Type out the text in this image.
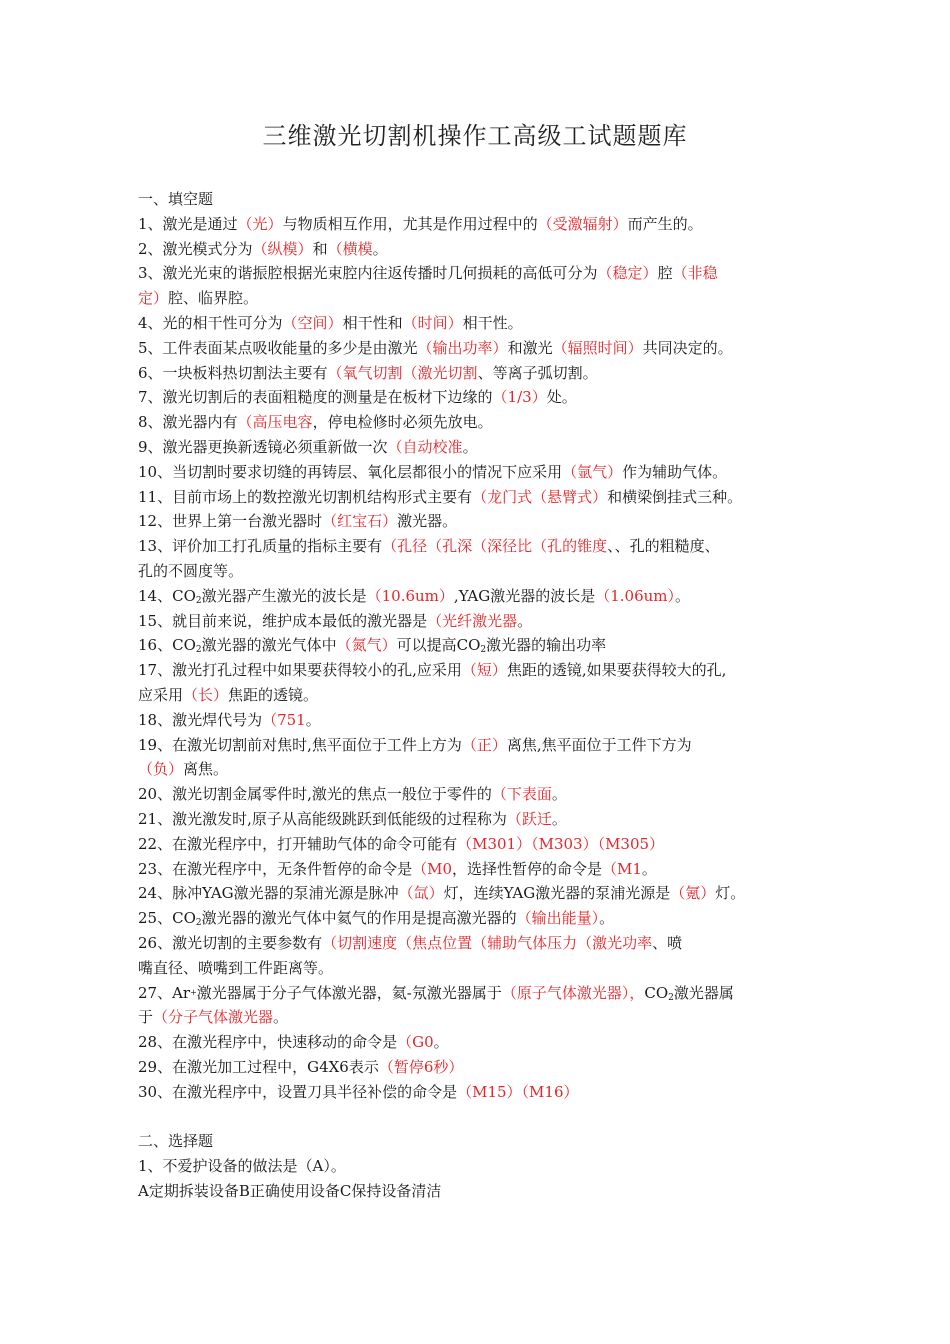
三维激光切割机操作工高级工试题题库
一、填空题
1、激光是通过（光）与物质相互作用，尤其是作用过程中的（受激辐射）而产生的。
2、激光模式分为（纵模）和（横模。
3、激光光束的谐振腔根据光束腔内往返传播时几何损耗的高低可分为（稳定）腔（非稳
定）腔、临界腔。
4、光的相干性可分为（空间）相干性和（时间）相干性。
5、工件表面某点吸收能量的多少是由激光（输出功率）和激光（辐照时间）共同决定的。
6、一块板料热切割法主要有（氧气切割（激光切割、等离子弧切割。
7、激光切割后的表面粗糙度的测量是在板材下边缘的（1/3）处。
8、激光器内有（高压电容，停电检修时必须先放电。
9、激光器更换新透镜必须重新做一次（自动校准。
10、当切割时要求切缝的再铸层、氧化层都很小的情况下应采用（氩气）作为辅助气体。
11、目前市场上的数控激光切割机结构形式主要有（龙门式（悬臂式）和横梁倒挂式三种。
12、世界上第一台激光器时（红宝石）激光器。
13、评价加工打孔质量的指标主要有（孔径（孔深（深径比（孔的锥度、、孔的粗糙度、
孔的不圆度等。
14、$CO_2$激光器产生激光的波长是（10.6um）,YAG激光器的波长是（1.06um）。
15、就目前来说，维护成本最低的激光器是（光纤激光器。
16、$CO_2$激光器的激光气体中（氮气）可以提高$CO_2$激光器的输出功率
17、激光打孔过程中如果要获得较小的孔,应采用（短）焦距的透镜,如果要获得较大的孔,
应采用（长）焦距的透镜。
18、激光焊代号为（751。
19、在激光切割前对焦时,焦平面位于工件上方为（正）离焦,焦平面位于工件下方为
（负）离焦。
20、激光切割金属零件时,激光的焦点一般位于零件的（下表面。
21、激光激发时,原子从高能级跳跃到低能级的过程称为（跃迁。
22、在激光程序中，打开辅助气体的命令可能有（M301）（M303）（M305）
23、在激光程序中，无条件暂停的命令是（M0，选择性暂停的命令是（M1。
24、脉冲YAG激光器的泵浦光源是脉冲（氙）灯，连续YAG激光器的泵浦光源是（氪）灯。
25、$CO_2$激光器的激光气体中氦气的作用是提高激光器的（输出能量）。
26、激光切割的主要参数有（切割速度（焦点位置（辅助气体压力（激光功率、喷
嘴直径、喷嘴到工件距离等。
27、Ar+激光器属于分子气体激光器，氦-氖激光器属于（原子气体激光器），$CO_2$激光器属
于（分子气体激光器。
28、在激光程序中，快速移动的命令是（G0。
29、在激光加工过程中，G4X6表示（暂停6秒）
30、在激光程序中，设置刀具半径补偿的命令是（M15）（M16）
二、选择题
1、不爱护设备的做法是（A）。
A定期拆装设备B正确使用设备C保持设备清洁
